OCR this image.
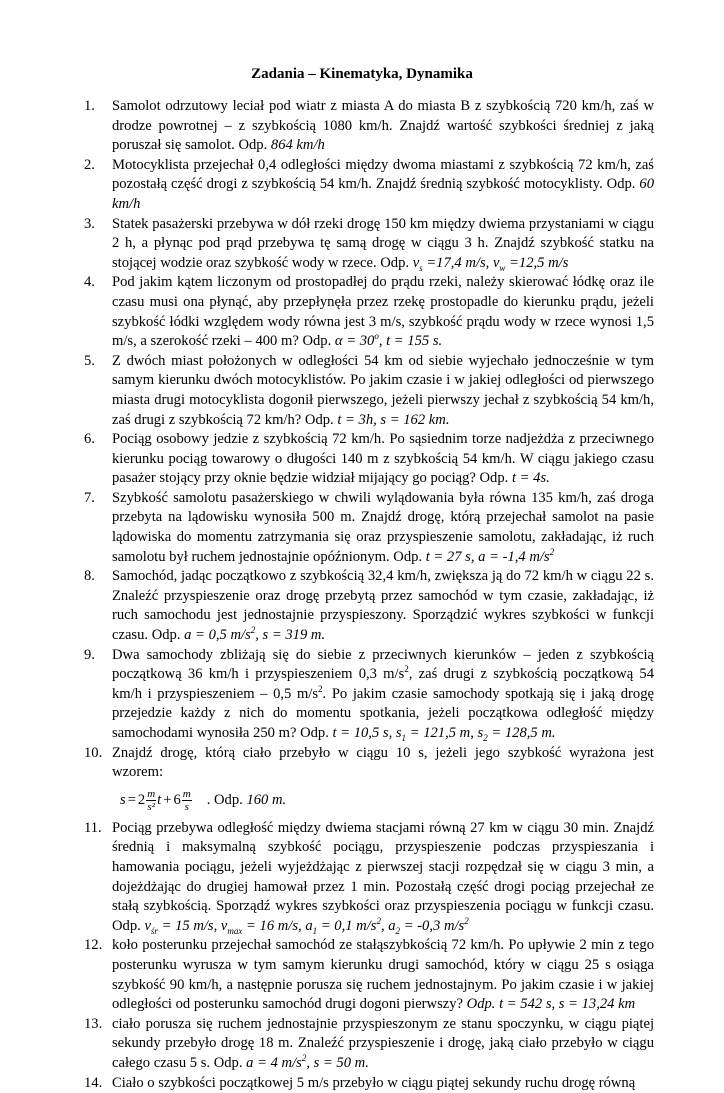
Zadania – Kinematyka, Dynamika
1.	Samolot odrzutowy leciał pod wiatr z miasta A do miasta B z szybkością 720 km/h, zaś w drodze powrotnej – z szybkością 1080 km/h. Znajdź wartość szybkości średniej z jaką poruszał się samolot. Odp. 864 km/h
2.	Motocyklista przejechał 0,4 odległości między dwoma miastami z szybkością 72 km/h, zaś pozostałą część drogi z szybkością 54 km/h. Znajdź średnią szybkość motocyklisty. Odp. 60 km/h
3.	Statek pasażerski przebywa w dół rzeki drogę 150 km między dwiema przystaniami w ciągu 2 h, a płynąc pod prąd przebywa tę samą drogę w ciągu 3 h. Znajdź szybkość statku na stojącej wodzie oraz szybkość wody w rzece. Odp. $v_s =17,4$ m/s, $v_w =12,5$ m/s
4.	Pod jakim kątem liczonym od prostopadłej do prądu rzeki, należy skierować łódkę oraz ile czasu musi ona płynąć, aby przepłynęła przez rzekę prostopadle do kierunku prądu, jeżeli szybkość łódki względem wody równa jest 3 m/s, szybkość prądu wody w rzece wynosi 1,5 m/s, a szerokość rzeki – 400 m? Odp. $\alpha = 30^o$, t = 155 s.
5.	Z dwóch miast położonych w odległości 54 km od siebie wyjechało jednocześnie w tym samym kierunku dwóch motocyklistów. Po jakim czasie i w jakiej odległości od pierwszego miasta drugi motocyklista dogonił pierwszego, jeżeli pierwszy jechał z szybkością 54 km/h, zaś drugi z szybkością 72 km/h? Odp. t = 3h, s = 162 km.
6.	Pociąg osobowy jedzie z szybkością 72 km/h. Po sąsiednim torze nadjeżdża z przeciwnego kierunku pociąg towarowy o długości 140 m z szybkością 54 km/h. W ciągu jakiego czasu pasażer stojący przy oknie będzie widział mijający go pociąg? Odp. t = 4s.
7.	Szybkość samolotu pasażerskiego w chwili wylądowania była równa 135 km/h, zaś droga przebyta na lądowisku wynosiła 500 m. Znajdź drogę, którą przejechał samolot na pasie lądowiska do momentu zatrzymania się oraz przyspieszenie samolotu, zakładając, iż ruch samolotu był ruchem jednostajnie opóźnionym. Odp. t = 27 s, a = -1,4 $m/s^2$
8.	Samochód, jadąc początkowo z szybkością 32,4 km/h, zwiększa ją do 72 km/h w ciągu 22 s. Znaleźć przyspieszenie oraz drogę przebytą przez samochód w tym czasie, zakładając, iż ruch samochodu jest jednostajnie przyspieszony. Sporządzić wykres szybkości w funkcji czasu. Odp. a = 0,5 $m/s^2$, s = 319 m.
9.	Dwa samochody zbliżają się do siebie z przeciwnych kierunków – jeden z szybkością początkową 36 km/h i przyspieszeniem 0,3 $m/s^2$, zaś drugi z szybkością początkową 54 km/h i przyspieszeniem – 0,5 $m/s^2$. Po jakim czasie samochody spotkają się i jaką drogę przejedzie każdy z nich do momentu spotkania, jeżeli początkowa odległość między samochodami wynosiła 250 m? Odp. t = 10,5 s, $s_1 = 121,5$ m, $s_2 = 128,5$ m.
10. Znajdź drogę, którą ciało przebyło w ciągu 10 s, jeżeli jego szybkość wyrażona jest wzorem:
$s = 2 \frac{m}{\text{s²}}$ $t + 6 \frac{m}{s}$ . Odp. 160 m.
11. Pociąg przebywa odległość między dwiema stacjami równą 27 km w ciągu 30 min. Znajdź średnią i maksymalną szybkość pociągu, przyspieszenie podczas przyspieszania i hamowania pociągu, jeżeli wyjeżdżając z pierwszej stacji rozpędzał się w ciągu 3 min, a dojeżdżając do drugiej hamował przez 1 min. Pozostałą część drogi pociąg przejechał ze stałą szybkością. Sporządź wykres szybkości oraz przyspieszenia pociągu w funkcji czasu. Odp. $v_{śr} = 15$ m/s, $v_{max} = 16$ m/s, $a_1 = 0,1$ $m/s^2$, $a_2 = -0,3$ $m/s^2$
12. koło posterunku przejechał samochód ze stałąszybkością 72 km/h. Po upływie 2 min z tego posterunku wyrusza w tym samym kierunku drugi samochód, który w ciągu 25 s osiąga szybkość 90 km/h, a następnie porusza się ruchem jednostajnym. Po jakim czasie i w jakiej odległości od posterunku samochód drugi dogoni pierwszy? Odp. t = 542 s, s = 13,24 km
13. ciało porusza się ruchem jednostajnie przyspieszonym ze stanu spoczynku, w ciągu piątej sekundy przebyło drogę 18 m. Znaleźć przyspieszenie i drogę, jaką ciało przebyło w ciągu całego czasu 5 s. Odp. a = 4 $m/s^2$, s = 50 m.
14. Ciało o szybkości początkowej 5 m/s przebyło w ciągu piątej sekundy ruchu drogę równą
